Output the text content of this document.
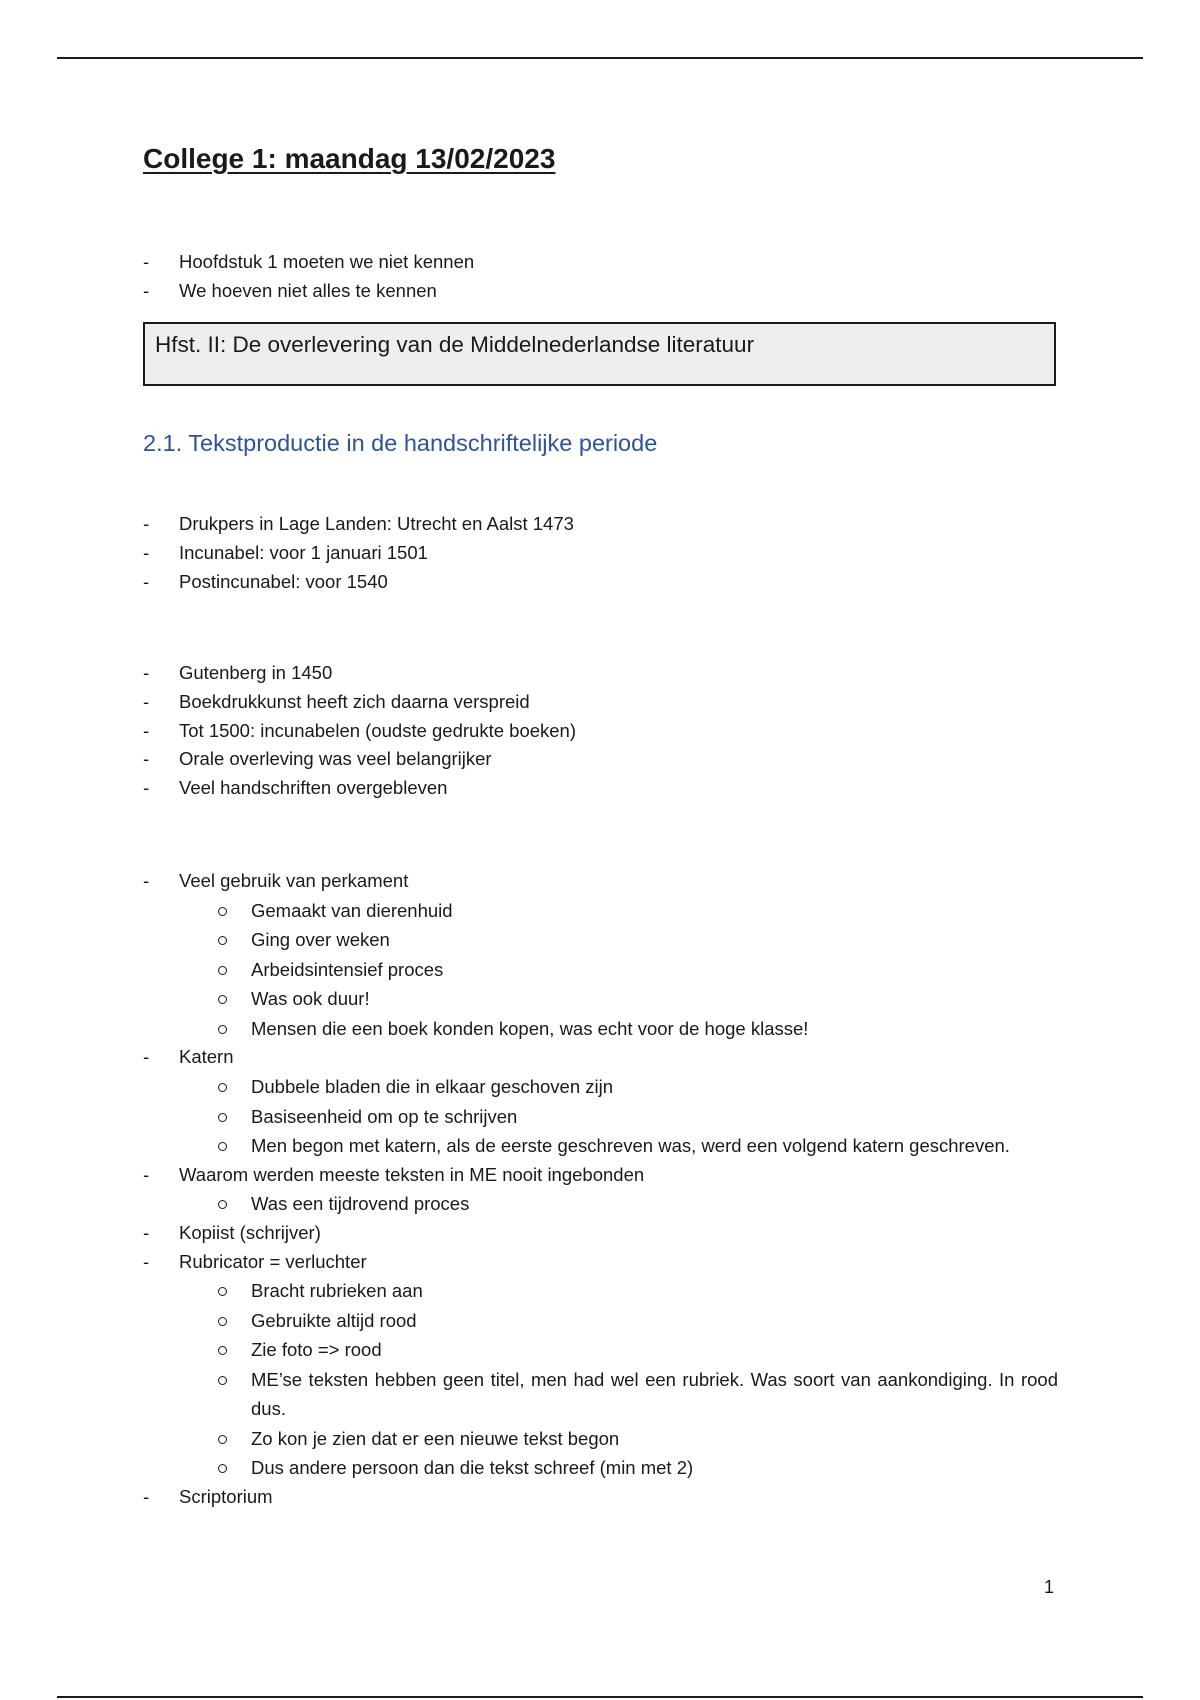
College 1: maandag 13/02/2023
- Hoofdstuk 1 moeten we niet kennen
- We hoeven niet alles te kennen
Hfst. II: De overlevering van de Middelnederlandse literatuur
2.1. Tekstproductie in de handschriftelijke periode
- Drukpers in Lage Landen: Utrecht en Aalst 1473
- Incunabel: voor 1 januari 1501
- Postincunabel: voor 1540
- Gutenberg in 1450
- Boekdrukkunst heeft zich daarna verspreid
- Tot 1500: incunabelen (oudste gedrukte boeken)
- Orale overleving was veel belangrijker
- Veel handschriften overgebleven
- Veel gebruik van perkament
Gemaakt van dierenhuid
Ging over weken
Arbeidsintensief proces
Was ook duur!
Mensen die een boek konden kopen, was echt voor de hoge klasse!
- Katern
Dubbele bladen die in elkaar geschoven zijn
Basiseenheid om op te schrijven
Men begon met katern, als de eerste geschreven was, werd een volgend katern geschreven.
- Waarom werden meeste teksten in ME nooit ingebonden
Was een tijdrovend proces
- Kopiist (schrijver)
- Rubricator = verluchter
Bracht rubrieken aan
Gebruikte altijd rood
Zie foto => rood
ME’se teksten hebben geen titel, men had wel een rubriek. Was soort van aankondiging. In rood dus.
Zo kon je zien dat er een nieuwe tekst begon
Dus andere persoon dan die tekst schreef (min met 2)
- Scriptorium
1
